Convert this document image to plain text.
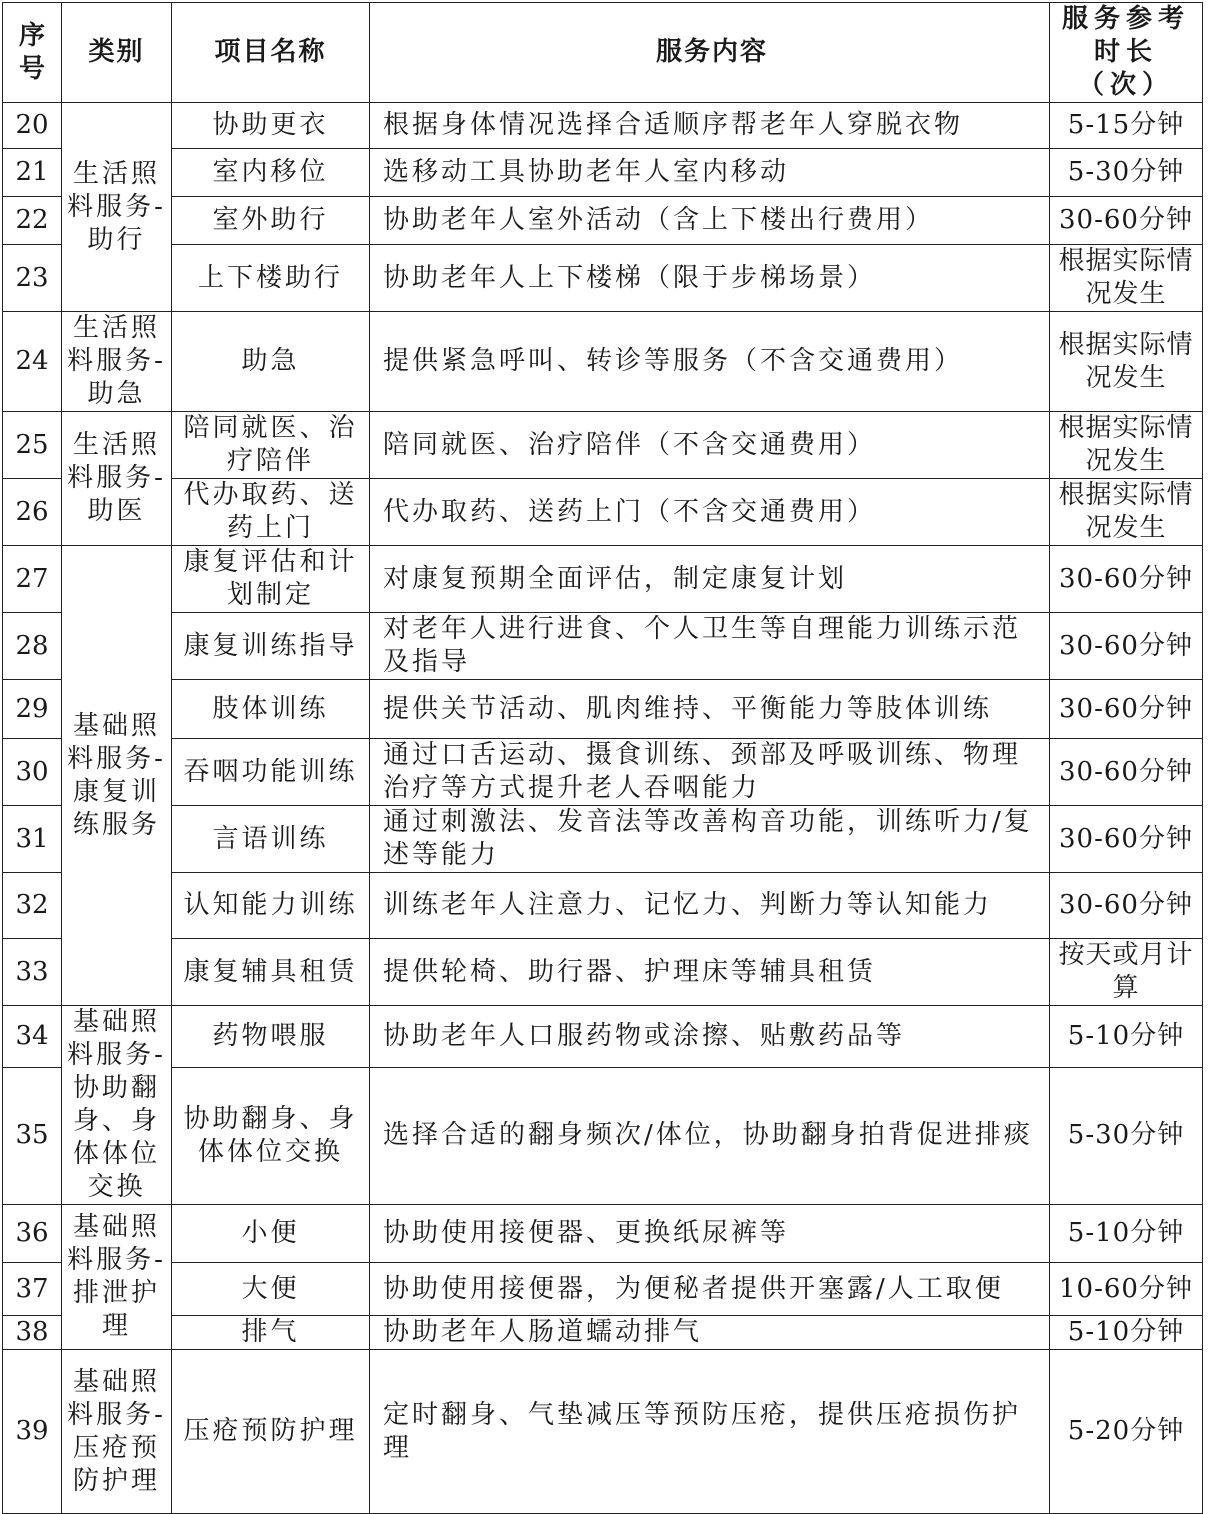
序号	类别	项目名称	服务内容	服务参考时长（次）
20	生活照料服务-助行	协助更衣	根据身体情况选择合适顺序帮老年人穿脱衣物	5-15分钟
21		室内移位	选移动工具协助老年人室内移动	5-30分钟
22		室外助行	协助老年人室外活动（含上下楼出行费用）	30-60分钟
23		上下楼助行	协助老年人上下楼梯（限于步梯场景）	根据实际情况发生
24	生活照料服务-助急	助急	提供紧急呼叫、转诊等服务（不含交通费用）	根据实际情况发生
25	生活照料服务-助医	陪同就医、治疗陪伴	陪同就医、治疗陪伴（不含交通费用）	根据实际情况发生
26		代办取药、送药上门	代办取药、送药上门（不含交通费用）	根据实际情况发生
27	基础照料服务-康复训练服务	康复评估和计划制定	对康复预期全面评估，制定康复计划	30-60分钟
28		康复训练指导	对老年人进行进食、个人卫生等自理能力训练示范及指导	30-60分钟
29		肢体训练	提供关节活动、肌肉维持、平衡能力等肢体训练	30-60分钟
30		吞咽功能训练	通过口舌运动、摄食训练、颈部及呼吸训练、物理治疗等方式提升老人吞咽能力	30-60分钟
31		言语训练	通过刺激法、发音法等改善构音功能，训练听力/复述等能力	30-60分钟
32		认知能力训练	训练老年人注意力、记忆力、判断力等认知能力	30-60分钟
33		康复辅具租赁	提供轮椅、助行器、护理床等辅具租赁	按天或月计算
34	基础照料服务-协助翻身、身体体位交换	药物喂服	协助老年人口服药物或涂擦、贴敷药品等	5-10分钟
35		协助翻身、身体体位交换	选择合适的翻身频次/体位，协助翻身拍背促进排痰	5-30分钟
36	基础照料服务-排泄护理	小便	协助使用接便器、更换纸尿裤等	5-10分钟
37		大便	协助使用接便器，为便秘者提供开塞露/人工取便	10-60分钟
38		排气	协助老年人肠道蠕动排气	5-10分钟
39	基础照料服务-压疮预防护理	压疮预防护理	定时翻身、气垫减压等预防压疮，提供压疮损伤护理	5-20分钟
